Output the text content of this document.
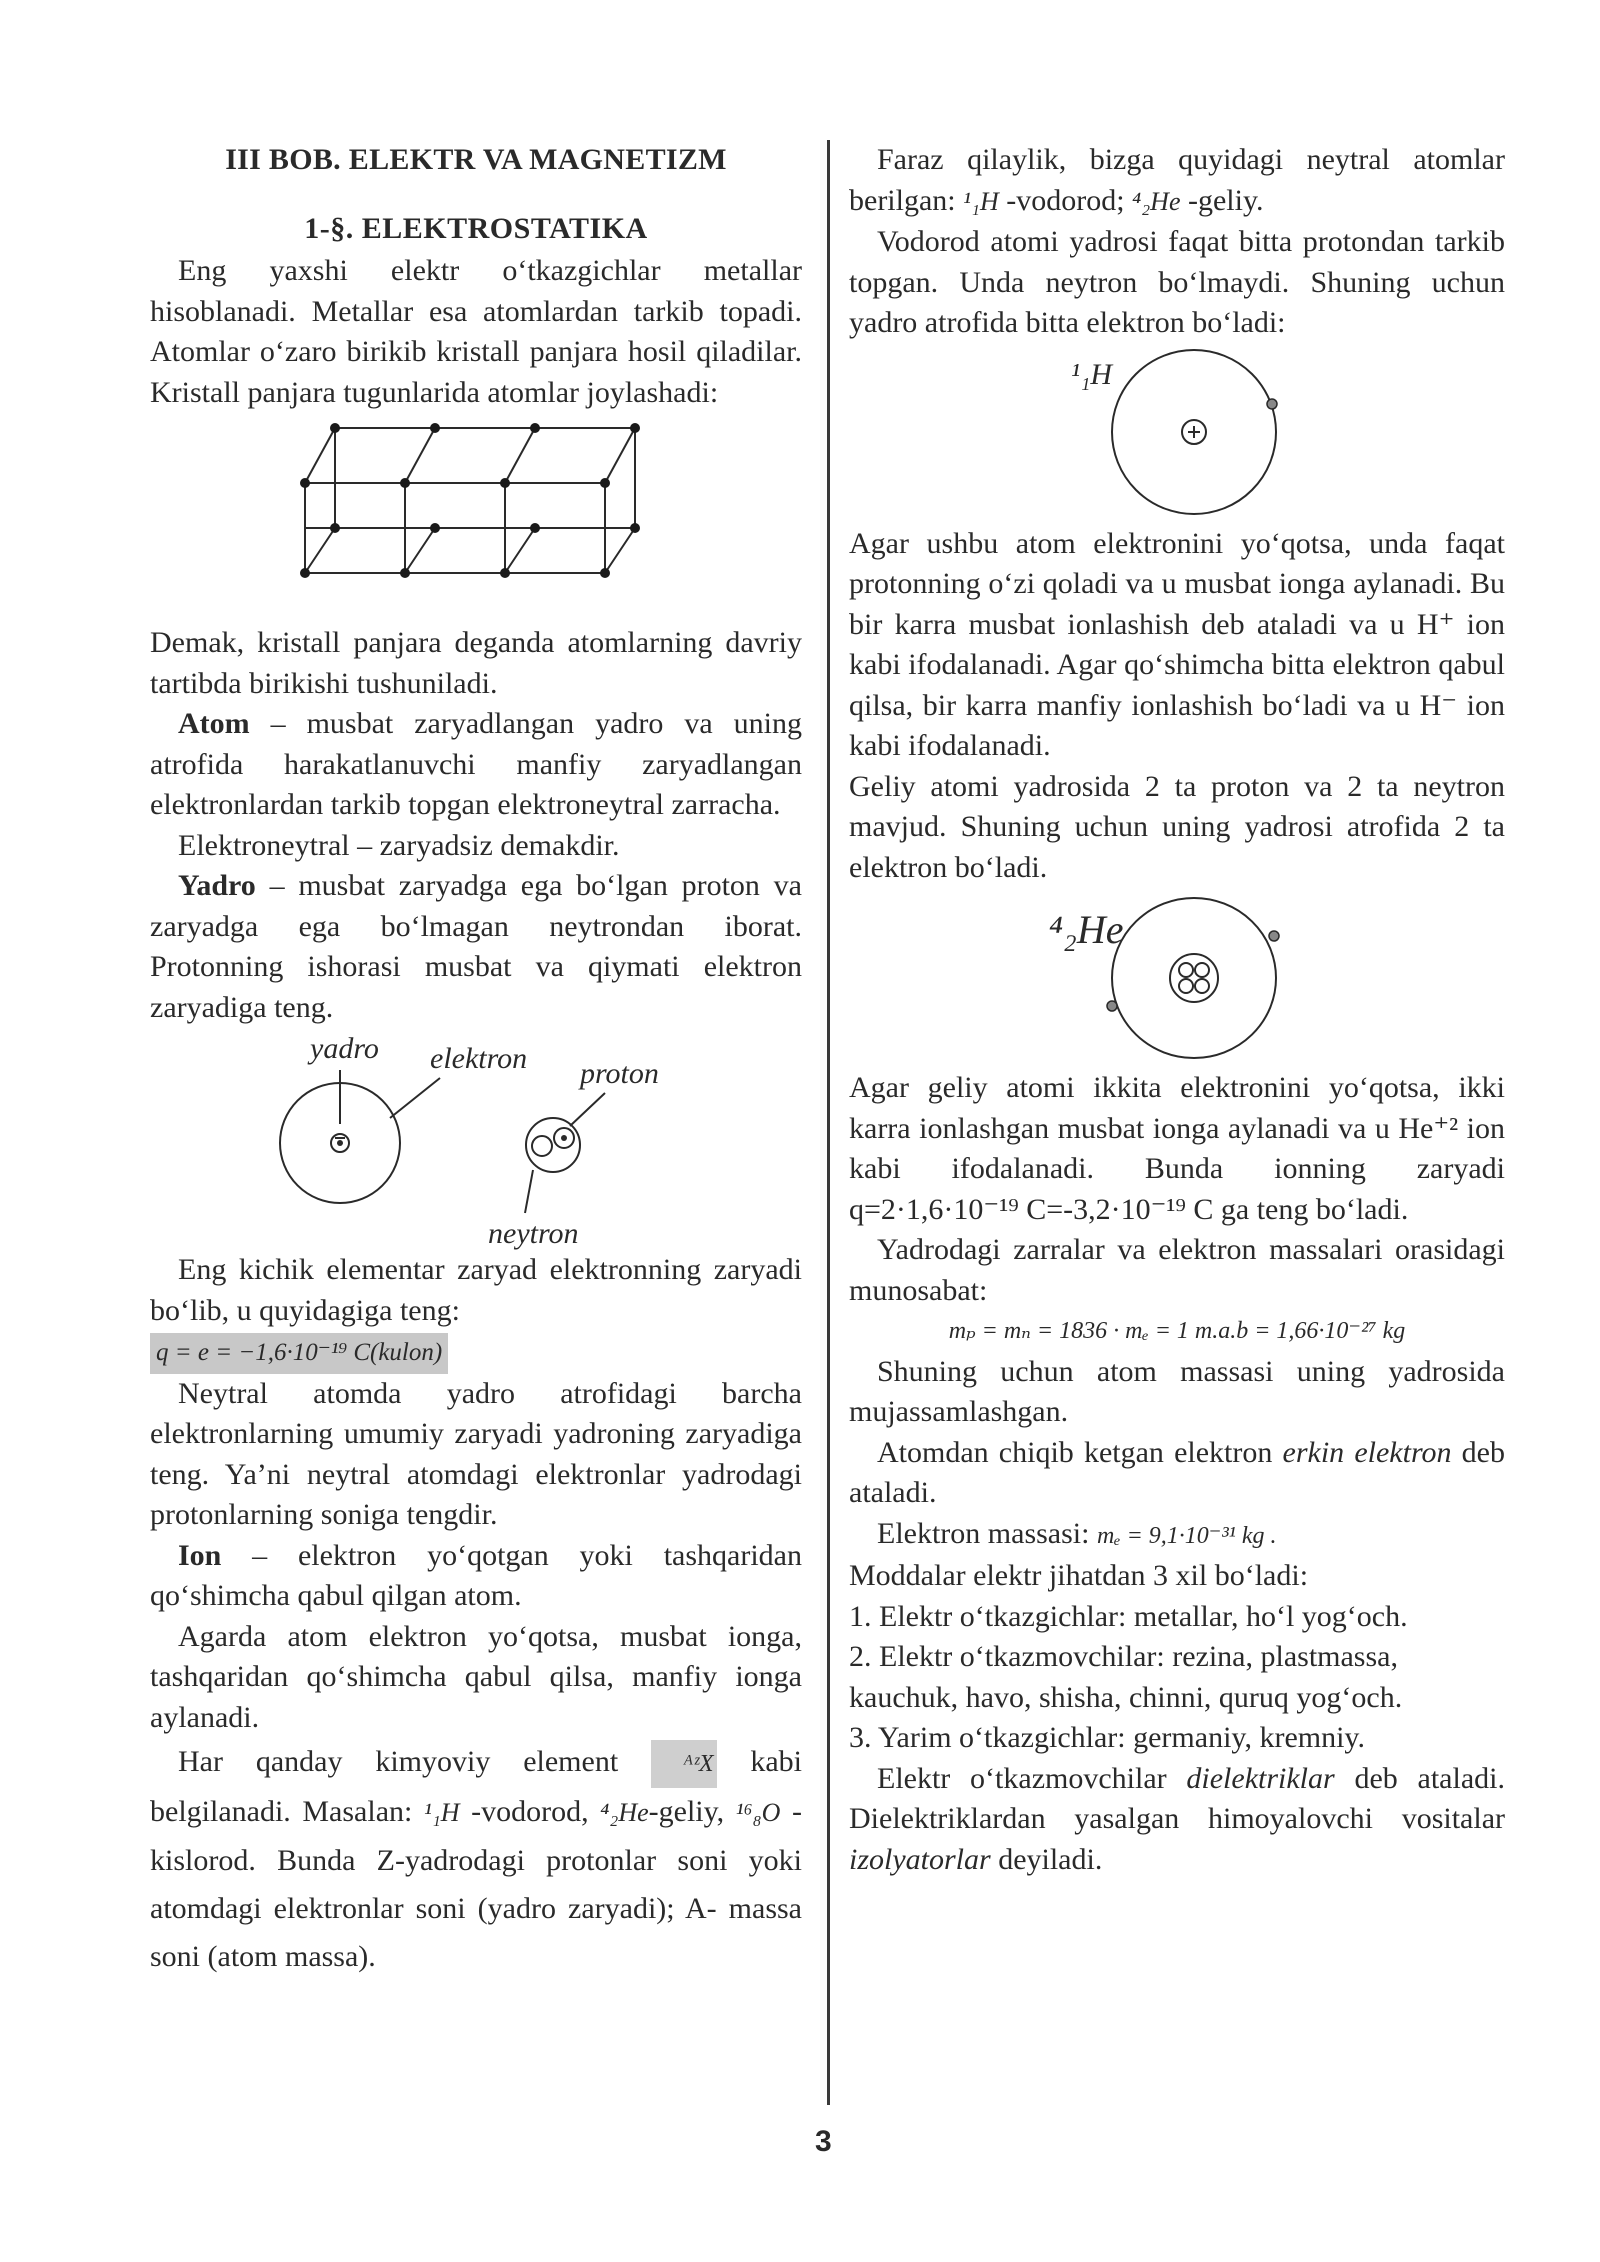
III BOB. ELEKTR VA MAGNETIZM

1-§. ELEKTROSTATIKA

Eng yaxshi elektr o‘tkazgichlar metallar hisoblanadi. Metallar esa atomlardan tarkib topadi. Atomlar o‘zaro birikib kristall panjara hosil qiladilar. Kristall panjara tugunlarida atomlar joylashadi:

Demak, kristall panjara deganda atomlarning davriy tartibda birikishi tushuniladi.

Atom – musbat zaryadlangan yadro va uning atrofida harakatlanuvchi manfiy zaryadlangan elektronlardan tarkib topgan elektroneytral zarracha.

Elektroneytral – zaryadsiz demakdir.

Yadro – musbat zaryadga ega bo‘lgan proton va zaryadga ega bo‘lmagan neytrondan iborat. Protonning ishorasi musbat va qiymati elektron zaryadiga teng.

yadro elektron proton
neytron

Eng kichik elementar zaryad elektronning zaryadi bo‘lib, u quyidagiga teng:

q = e = −1,6·10⁻¹⁹ C(kulon)

Neytral atomda yadro atrofidagi barcha elektronlarning umumiy zaryadi yadroning zaryadiga teng. Ya’ni neytral atomdagi elektronlar yadrodagi protonlarning soniga tengdir.

Ion – elektron yo‘qotgan yoki tashqaridan qo‘shimcha qabul qilgan atom.

Agarda atom elektron yo‘qotsa, musbat ionga, tashqaridan qo‘shimcha qabul qilsa, manfiy ionga aylanadi.

Har qanday kimyoviy element	ᴬᶻX kabi belgilanadi. Masalan: ¹₁H -vodorod, ⁴₂He-geliy, ¹⁶₈O -kislorod. Bunda Z-yadrodagi protonlar soni yoki atomdagi elektronlar soni (yadro zaryadi); A- massa soni (atom massa).

Faraz qilaylik, bizga quyidagi neytral atomlar berilgan: ¹₁H -vodorod; ⁴₂He -geliy.

Vodorod atomi yadrosi faqat bitta protondan tarkib topgan. Unda neytron bo‘lmaydi. Shuning uchun yadro atrofida bitta elektron bo‘ladi:

¹₁H

Agar ushbu atom elektronini yo‘qotsa, unda faqat protonning o‘zi qoladi va u musbat ionga aylanadi. Bu bir karra musbat ionlashish deb ataladi va u H⁺ ion kabi ifodalanadi. Agar qo‘shimcha bitta elektron qabul qilsa, bir karra manfiy ionlashish bo‘ladi va u H⁻ ion kabi ifodalanadi.

Geliy atomi yadrosida 2 ta proton va 2 ta neytron mavjud. Shuning uchun uning yadrosi atrofida 2 ta elektron bo‘ladi.

⁴₂He

Agar geliy atomi ikkita elektronini yo‘qotsa, ikki karra ionlashgan musbat ionga aylanadi va u He⁺² ion kabi ifodalanadi. Bunda ionning zaryadi q=2·1,6·10⁻¹⁹ C=-3,2·10⁻¹⁹ C ga teng bo‘ladi.

Yadrodagi zarralar va elektron massalari orasidagi munosabat:

mₚ = mₙ = 1836 · mₑ = 1 m.a.b = 1,66·10⁻²⁷ kg

Shuning uchun atom massasi uning yadrosida mujassamlashgan.

Atomdan chiqib ketgan elektron erkin elektron deb ataladi.

Elektron massasi: mₑ = 9,1·10⁻³¹ kg .

Moddalar elektr jihatdan 3 xil bo‘ladi:

1. Elektr o‘tkazgichlar: metallar, ho‘l yog‘och.

2. Elektr o‘tkazmovchilar: rezina, plastmassa, kauchuk, havo, shisha, chinni, quruq yog‘och.

3. Yarim o‘tkazgichlar: germaniy, kremniy.

Elektr o‘tkazmovchilar dielektriklar deb ataladi. Dielektriklardan yasalgan himoyalovchi vositalar izolyatorlar deyiladi.

3
